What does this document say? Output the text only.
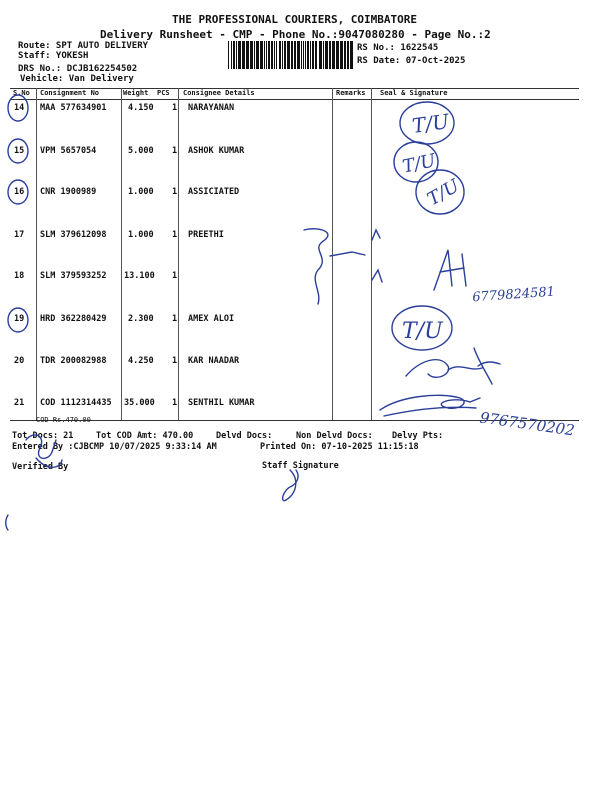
THE PROFESSIONAL COURIERS, COIMBATORE
Delivery Runsheet - CMP - Phone No.:9047080280 - Page No.:2
Route: SPT AUTO DELIVERY
Staff: YOKESH
DRS No.: DCJB162254502
Vehicle: Van Delivery
RS No.: 1622545
RS Date: 07-Oct-2025
S.No Consignment No	Weight PCS Consignee Details	Remarks Seal & Signature
14 MAA 577634901	4.150 1 NARAYANAN
15 VPM 5657054	5.000 1 ASHOK KUMAR
16 CNR 1900989	1.000 1 ASSICIATED
17 SLM 379612098	1.000 1 PREETHI
18 SLM 379593252 13.100 1
19 HRD 362280429	2.300 1 AMEX ALOI
20 TDR 200082988	4.250 1 KAR NAADAR
21 COD 1112314435 35.000 1 SENTHIL KUMAR
COD Rs.470.00
Tot Docs: 21	Tot COD Amt: 470.00	Delvd Docs:	Non Delvd Docs: Delvy Pts:
Entered By :CJBCMP 10/07/2025 9:33:14 AM	Printed On: 07-10-2025 11:15:18
Verified By	Staff Signature
T/U
T/U
T/U
T/U
6779824581
9767570202
